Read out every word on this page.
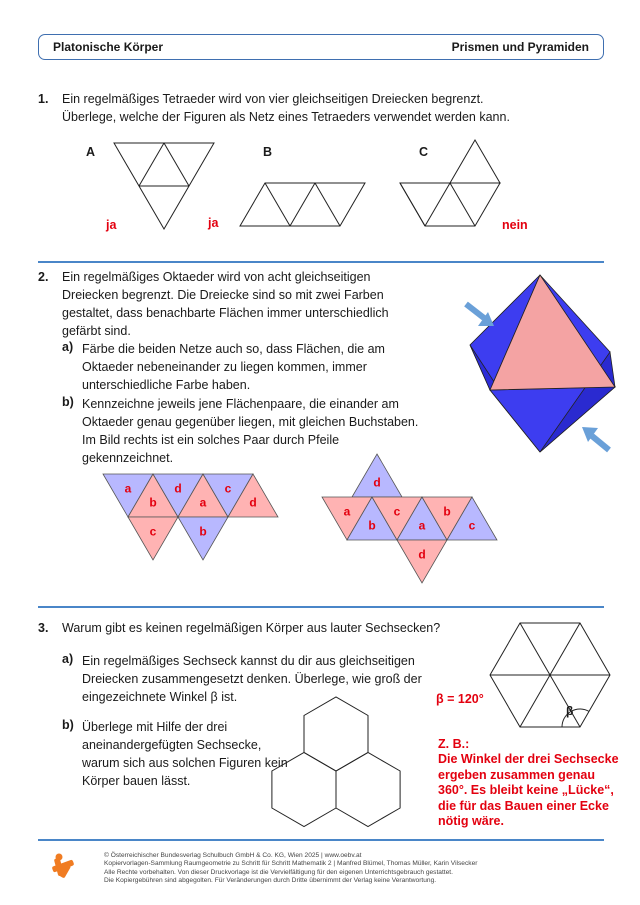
Platonische Körper	Prismen und Pyramiden
1. Ein regelmäßiges Tetraeder wird von vier gleichseitigen Dreiecken begrenzt.
Überlege, welche der Figuren als Netz eines Tetraeders verwendet werden kann.
A	B	C
ja	ja	nein
2. Ein regelmäßiges Oktaeder wird von acht gleichseitigen
Dreiecken begrenzt. Die Dreiecke sind so mit zwei Farben
gestaltet, dass benachbarte Flächen immer unterschiedlich
gefärbt sind.
a) Färbe die beiden Netze auch so, dass Flächen, die am
Oktaeder nebeneinander zu liegen kommen, immer
unterschiedliche Farbe haben.
b) Kennzeichne jeweils jene Flächenpaare, die einander am
Oktaeder genau gegenüber liegen, mit gleichen Buchstaben.
Im Bild rechts ist ein solches Paar durch Pfeile
gekennzeichnet.
a
b
d
a
c
d
c	b
d
a
b
c
a
b
c
d
3. Warum gibt es keinen regelmäßigen Körper aus lauter Sechsecken?
a) Ein regelmäßiges Sechseck kannst du dir aus gleichseitigen
Dreiecken zusammengesetzt denken. Überlege, wie groß der
eingezeichnete Winkel β ist.
b) Überlege mit Hilfe der drei
aneinandergefügten Sechsecke,
warum sich aus solchen Figuren kein
Körper bauen lässt.
β = 120°
β
Z. B.:
Die Winkel der drei Sechsecke
ergeben zusammen genau
360°. Es bleibt keine „Lücke“,
die für das Bauen einer Ecke
nötig wäre.
© Österreichischer Bundesverlag Schulbuch GmbH & Co. KG, Wien 2025 | www.oebv.at
Kopiervorlagen-Sammlung Raumgeometrie zu Schritt für Schritt Mathematik 2 | Manfred Blümel, Thomas Müller, Karin Vilsecker
Alle Rechte vorbehalten. Von dieser Druckvorlage ist die Vervielfältigung für den eigenen Unterrichtsgebrauch gestattet.
Die Kopiergebühren sind abgegolten. Für Veränderungen durch Dritte übernimmt der Verlag keine Verantwortung.
